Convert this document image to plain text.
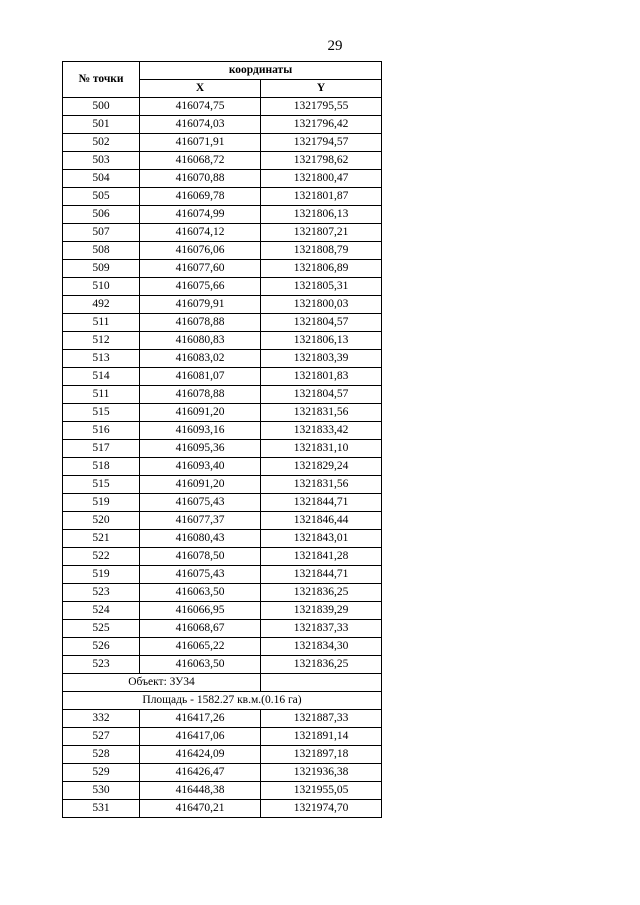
29
№ точки	координаты	
	X	Y
500	416074,75	1321795,55
501	416074,03	1321796,42
502	416071,91	1321794,57
503	416068,72	1321798,62
504	416070,88	1321800,47
505	416069,78	1321801,87
506	416074,99	1321806,13
507	416074,12	1321807,21
508	416076,06	1321808,79
509	416077,60	1321806,89
510	416075,66	1321805,31
492	416079,91	1321800,03
511	416078,88	1321804,57
512	416080,83	1321806,13
513	416083,02	1321803,39
514	416081,07	1321801,83
511	416078,88	1321804,57
515	416091,20	1321831,56
516	416093,16	1321833,42
517	416095,36	1321831,10
518	416093,40	1321829,24
515	416091,20	1321831,56
519	416075,43	1321844,71
520	416077,37	1321846,44
521	416080,43	1321843,01
522	416078,50	1321841,28
519	416075,43	1321844,71
523	416063,50	1321836,25
524	416066,95	1321839,29
525	416068,67	1321837,33
526	416065,22	1321834,30
523	416063,50	1321836,25
Объект: ЗУ34		
Площадь - 1582.27 кв.м.(0.16 га)		
332	416417,26	1321887,33
527	416417,06	1321891,14
528	416424,09	1321897,18
529	416426,47	1321936,38
530	416448,38	1321955,05
531	416470,21	1321974,70
